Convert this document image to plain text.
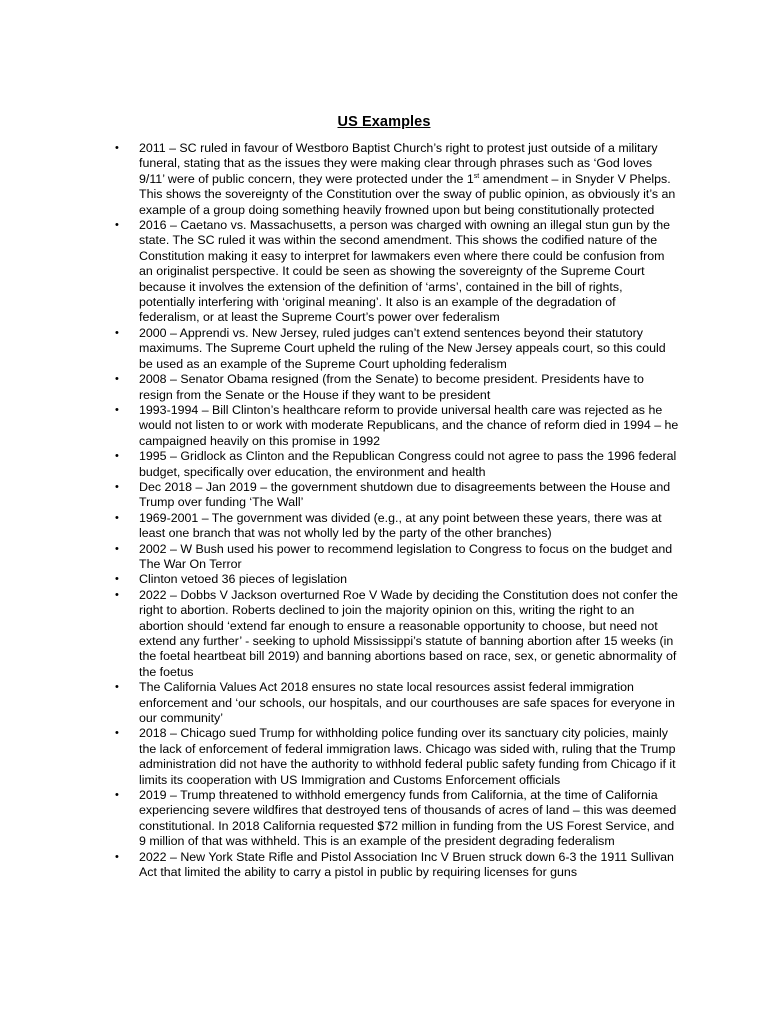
US Examples
• 2011 – SC ruled in favour of Westboro Baptist Church’s right to protest just outside of a military funeral, stating that as the issues they were making clear through phrases such as ‘God loves 9/11’ were of public concern, they were protected under the 1st amendment – in Snyder V Phelps. This shows the sovereignty of the Constitution over the sway of public opinion, as obviously it’s an example of a group doing something heavily frowned upon but being constitutionally protected
• 2016 – Caetano vs. Massachusetts, a person was charged with owning an illegal stun gun by the state. The SC ruled it was within the second amendment. This shows the codified nature of the Constitution making it easy to interpret for lawmakers even where there could be confusion from an originalist perspective. It could be seen as showing the sovereignty of the Supreme Court because it involves the extension of the definition of ‘arms’, contained in the bill of rights, potentially interfering with ‘original meaning’. It also is an example of the degradation of federalism, or at least the Supreme Court’s power over federalism
• 2000 – Apprendi vs. New Jersey, ruled judges can’t extend sentences beyond their statutory maximums. The Supreme Court upheld the ruling of the New Jersey appeals court, so this could be used as an example of the Supreme Court upholding federalism
• 2008 – Senator Obama resigned (from the Senate) to become president. Presidents have to resign from the Senate or the House if they want to be president
• 1993-1994 – Bill Clinton’s healthcare reform to provide universal health care was rejected as he would not listen to or work with moderate Republicans, and the chance of reform died in 1994 – he campaigned heavily on this promise in 1992
• 1995 – Gridlock as Clinton and the Republican Congress could not agree to pass the 1996 federal budget, specifically over education, the environment and health
• Dec 2018 – Jan 2019 – the government shutdown due to disagreements between the House and Trump over funding ‘The Wall’
• 1969-2001 – The government was divided (e.g., at any point between these years, there was at least one branch that was not wholly led by the party of the other branches)
• 2002 – W Bush used his power to recommend legislation to Congress to focus on the budget and The War On Terror
• Clinton vetoed 36 pieces of legislation
• 2022 – Dobbs V Jackson overturned Roe V Wade by deciding the Constitution does not confer the right to abortion. Roberts declined to join the majority opinion on this, writing the right to an abortion should ‘extend far enough to ensure a reasonable opportunity to choose, but need not extend any further’ - seeking to uphold Mississippi’s statute of banning abortion after 15 weeks (in the foetal heartbeat bill 2019) and banning abortions based on race, sex, or genetic abnormality of the foetus
• The California Values Act 2018 ensures no state local resources assist federal immigration enforcement and ‘our schools, our hospitals, and our courthouses are safe spaces for everyone in our community’
• 2018 – Chicago sued Trump for withholding police funding over its sanctuary city policies, mainly the lack of enforcement of federal immigration laws. Chicago was sided with, ruling that the Trump administration did not have the authority to withhold federal public safety funding from Chicago if it limits its cooperation with US Immigration and Customs Enforcement officials
• 2019 – Trump threatened to withhold emergency funds from California, at the time of California experiencing severe wildfires that destroyed tens of thousands of acres of land – this was deemed constitutional. In 2018 California requested $72 million in funding from the US Forest Service, and 9 million of that was withheld. This is an example of the president degrading federalism
• 2022 – New York State Rifle and Pistol Association Inc V Bruen struck down 6-3 the 1911 Sullivan Act that limited the ability to carry a pistol in public by requiring licenses for guns
